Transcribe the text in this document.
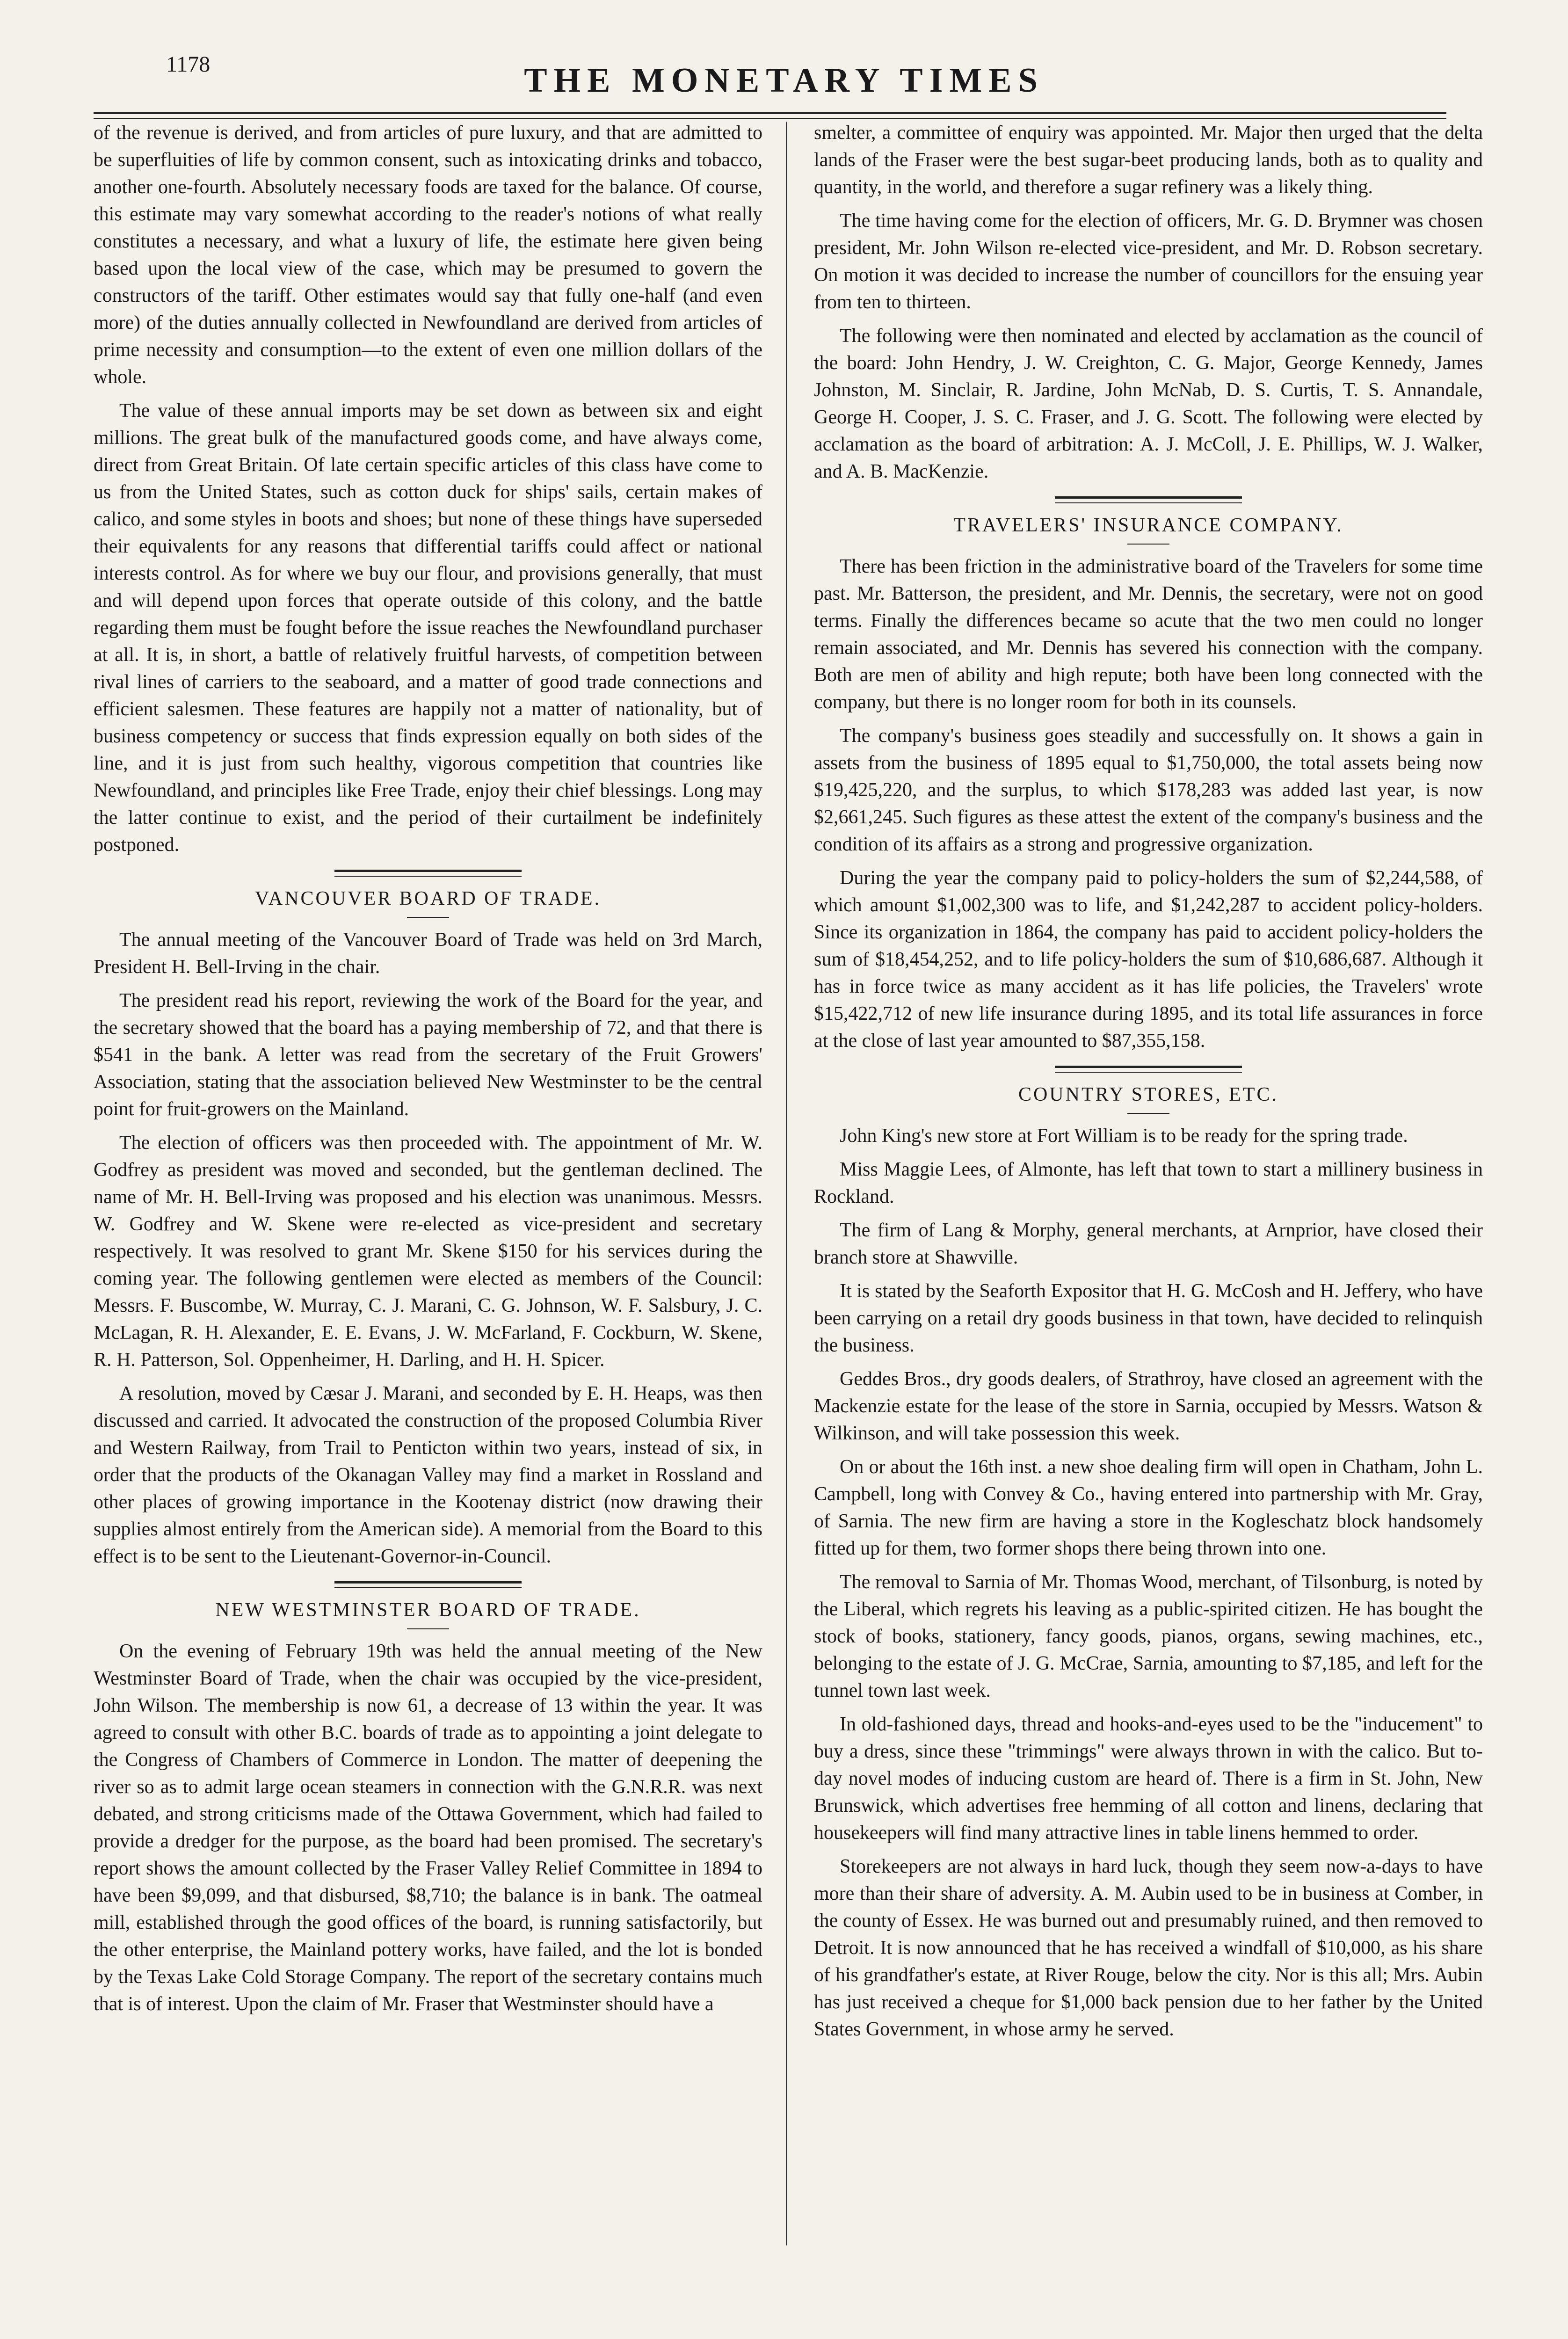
1178	THE MONETARY TIMES

of the revenue is derived, and from articles of pure luxury, and that are admitted to be superfluities of life by common consent, such as intoxicating drinks and tobacco, another one-fourth. Absolutely necessary foods are taxed for the balance. Of course, this estimate may vary somewhat according to the reader's notions of what really constitutes a necessary, and what a luxury of life, the estimate here given being based upon the local view of the case, which may be presumed to govern the constructors of the tariff. Other estimates would say that fully one-half (and even more) of the duties annually collected in Newfoundland are derived from articles of prime necessity and consumption—to the extent of even one million dollars of the whole.

The value of these annual imports may be set down as between six and eight millions. The great bulk of the manufactured goods come, and have always come, direct from Great Britain. Of late certain specific articles of this class have come to us from the United States, such as cotton duck for ships' sails, certain makes of calico, and some styles in boots and shoes; but none of these things have superseded their equivalents for any reasons that differential tariffs could affect or national interests control. As for where we buy our flour, and provisions generally, that must and will depend upon forces that operate outside of this colony, and the battle regarding them must be fought before the issue reaches the Newfoundland purchaser at all. It is, in short, a battle of relatively fruitful harvests, of competition between rival lines of carriers to the seaboard, and a matter of good trade connections and efficient salesmen. These features are happily not a matter of nationality, but of business competency or success that finds expression equally on both sides of the line, and it is just from such healthy, vigorous competition that countries like Newfoundland, and principles like Free Trade, enjoy their chief blessings. Long may the latter continue to exist, and the period of their curtailment be indefinitely postponed.

VANCOUVER BOARD OF TRADE.

The annual meeting of the Vancouver Board of Trade was held on 3rd March, President H. Bell-Irving in the chair.

The president read his report, reviewing the work of the Board for the year, and the secretary showed that the board has a paying membership of 72, and that there is $541 in the bank. A letter was read from the secretary of the Fruit Growers' Association, stating that the association believed New Westminster to be the central point for fruit-growers on the Mainland.

The election of officers was then proceeded with. The appointment of Mr. W. Godfrey as president was moved and seconded, but the gentleman declined. The name of Mr. H. Bell-Irving was proposed and his election was unanimous. Messrs. W. Godfrey and W. Skene were re-elected as vice-president and secretary respectively. It was resolved to grant Mr. Skene $150 for his services during the coming year. The following gentlemen were elected as members of the Council: Messrs. F. Buscombe, W. Murray, C. J. Marani, C. G. Johnson, W. F. Salsbury, J. C. McLagan, R. H. Alexander, E. E. Evans, J. W. McFarland, F. Cockburn, W. Skene, R. H. Patterson, Sol. Oppenheimer, H. Darling, and H. H. Spicer.

A resolution, moved by Cæsar J. Marani, and seconded by E. H. Heaps, was then discussed and carried. It advocated the construction of the proposed Columbia River and Western Railway, from Trail to Penticton within two years, instead of six, in order that the products of the Okanagan Valley may find a market in Rossland and other places of growing importance in the Kootenay district (now drawing their supplies almost entirely from the American side). A memorial from the Board to this effect is to be sent to the Lieutenant-Governor-in-Council.

NEW WESTMINSTER BOARD OF TRADE.

On the evening of February 19th was held the annual meeting of the New Westminster Board of Trade, when the chair was occupied by the vice-president, John Wilson. The membership is now 61, a decrease of 13 within the year. It was agreed to consult with other B.C. boards of trade as to appointing a joint delegate to the Congress of Chambers of Commerce in London. The matter of deepening the river so as to admit large ocean steamers in connection with the G.N.R.R. was next debated, and strong criticisms made of the Ottawa Government, which had failed to provide a dredger for the purpose, as the board had been promised. The secretary's report shows the amount collected by the Fraser Valley Relief Committee in 1894 to have been $9,099, and that disbursed, $8,710; the balance is in bank. The oatmeal mill, established through the good offices of the board, is running satisfactorily, but the other enterprise, the Mainland pottery works, have failed, and the lot is bonded by the Texas Lake Cold Storage Company. The report of the secretary contains much that is of interest. Upon the claim of Mr. Fraser that Westminster should have a

smelter, a committee of enquiry was appointed. Mr. Major then urged that the delta lands of the Fraser were the best sugar-beet producing lands, both as to quality and quantity, in the world, and therefore a sugar refinery was a likely thing.

The time having come for the election of officers, Mr. G. D. Brymner was chosen president, Mr. John Wilson re-elected vice-president, and Mr. D. Robson secretary. On motion it was decided to increase the number of councillors for the ensuing year from ten to thirteen.

The following were then nominated and elected by acclamation as the council of the board: John Hendry, J. W. Creighton, C. G. Major, George Kennedy, James Johnston, M. Sinclair, R. Jardine, John McNab, D. S. Curtis, T. S. Annandale, George H. Cooper, J. S. C. Fraser, and J. G. Scott. The following were elected by acclamation as the board of arbitration: A. J. McColl, J. E. Phillips, W. J. Walker, and A. B. MacKenzie.

TRAVELERS' INSURANCE COMPANY.

There has been friction in the administrative board of the Travelers for some time past. Mr. Batterson, the president, and Mr. Dennis, the secretary, were not on good terms. Finally the differences became so acute that the two men could no longer remain associated, and Mr. Dennis has severed his connection with the company. Both are men of ability and high repute; both have been long connected with the company, but there is no longer room for both in its counsels.

The company's business goes steadily and successfully on. It shows a gain in assets from the business of 1895 equal to $1,750,000, the total assets being now $19,425,220, and the surplus, to which $178,283 was added last year, is now $2,661,245. Such figures as these attest the extent of the company's business and the condition of its affairs as a strong and progressive organization.

During the year the company paid to policy-holders the sum of $2,244,588, of which amount $1,002,300 was to life, and $1,242,287 to accident policy-holders. Since its organization in 1864, the company has paid to accident policy-holders the sum of $18,454,252, and to life policy-holders the sum of $10,686,687. Although it has in force twice as many accident as it has life policies, the Travelers' wrote $15,422,712 of new life insurance during 1895, and its total life assurances in force at the close of last year amounted to $87,355,158.

COUNTRY STORES, ETC.

John King's new store at Fort William is to be ready for the spring trade.

Miss Maggie Lees, of Almonte, has left that town to start a millinery business in Rockland.

The firm of Lang & Morphy, general merchants, at Arnprior, have closed their branch store at Shawville.

It is stated by the Seaforth Expositor that H. G. McCosh and H. Jeffery, who have been carrying on a retail dry goods business in that town, have decided to relinquish the business.

Geddes Bros., dry goods dealers, of Strathroy, have closed an agreement with the Mackenzie estate for the lease of the store in Sarnia, occupied by Messrs. Watson & Wilkinson, and will take possession this week.

On or about the 16th inst. a new shoe dealing firm will open in Chatham, John L. Campbell, long with Convey & Co., having entered into partnership with Mr. Gray, of Sarnia. The new firm are having a store in the Kogleschatz block handsomely fitted up for them, two former shops there being thrown into one.

The removal to Sarnia of Mr. Thomas Wood, merchant, of Tilsonburg, is noted by the Liberal, which regrets his leaving as a public-spirited citizen. He has bought the stock of books, stationery, fancy goods, pianos, organs, sewing machines, etc., belonging to the estate of J. G. McCrae, Sarnia, amounting to $7,185, and left for the tunnel town last week.

In old-fashioned days, thread and hooks-and-eyes used to be the "inducement" to buy a dress, since these "trimmings" were always thrown in with the calico. But to-day novel modes of inducing custom are heard of. There is a firm in St. John, New Brunswick, which advertises free hemming of all cotton and linens, declaring that housekeepers will find many attractive lines in table linens hemmed to order.

Storekeepers are not always in hard luck, though they seem now-a-days to have more than their share of adversity. A. M. Aubin used to be in business at Comber, in the county of Essex. He was burned out and presumably ruined, and then removed to Detroit. It is now announced that he has received a windfall of $10,000, as his share of his grandfather's estate, at River Rouge, below the city. Nor is this all; Mrs. Aubin has just received a cheque for $1,000 back pension due to her father by the United States Government, in whose army he served.
